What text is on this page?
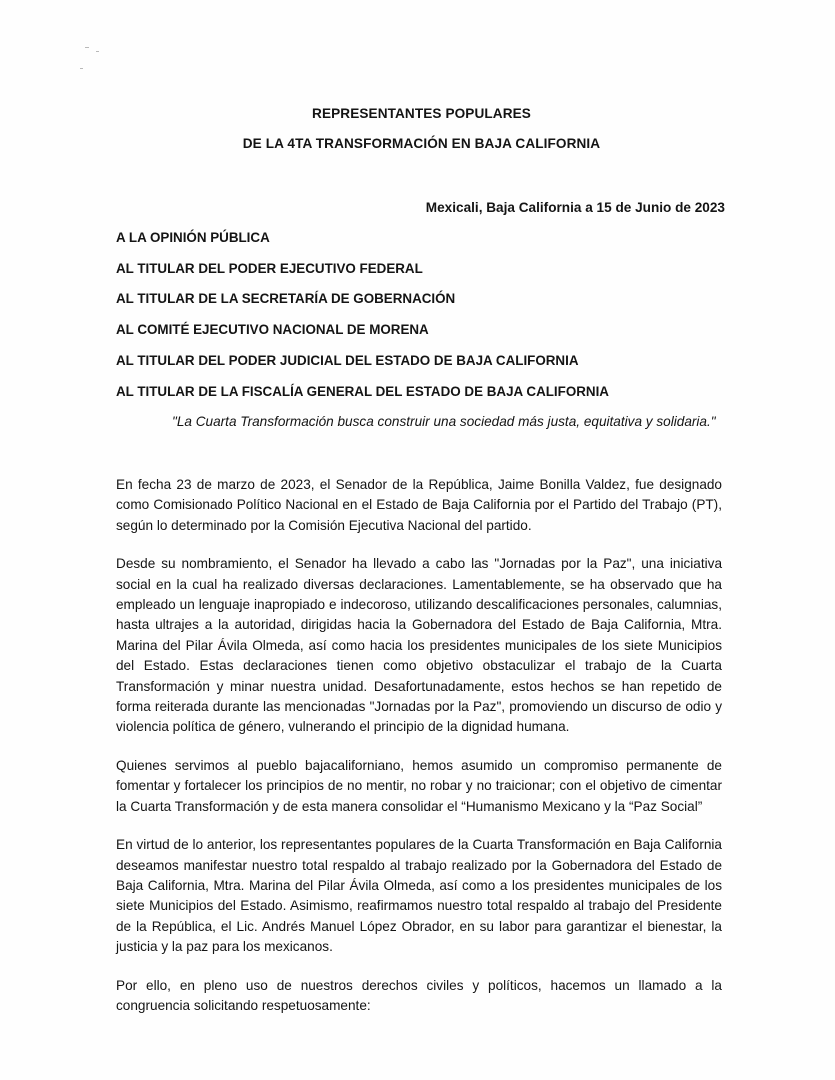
REPRESENTANTES POPULARES
DE LA 4TA TRANSFORMACIÓN EN BAJA CALIFORNIA
Mexicali, Baja California a 15 de Junio de 2023
A LA OPINIÓN PÚBLICA
AL TITULAR DEL PODER EJECUTIVO FEDERAL
AL TITULAR DE LA SECRETARÍA DE GOBERNACIÓN
AL COMITÉ EJECUTIVO NACIONAL DE MORENA
AL TITULAR DEL PODER JUDICIAL DEL ESTADO DE BAJA CALIFORNIA
AL TITULAR DE LA FISCALÍA GENERAL DEL ESTADO DE BAJA CALIFORNIA
"La Cuarta Transformación busca construir una sociedad más justa, equitativa y solidaria."

En fecha 23 de marzo de 2023, el Senador de la República, Jaime Bonilla Valdez, fue designado como Comisionado Político Nacional en el Estado de Baja California por el Partido del Trabajo (PT), según lo determinado por la Comisión Ejecutiva Nacional del partido.

Desde su nombramiento, el Senador ha llevado a cabo las "Jornadas por la Paz", una iniciativa social en la cual ha realizado diversas declaraciones. Lamentablemente, se ha observado que ha empleado un lenguaje inapropiado e indecoroso, utilizando descalificaciones personales, calumnias, hasta ultrajes a la autoridad, dirigidas hacia la Gobernadora del Estado de Baja California, Mtra. Marina del Pilar Ávila Olmeda, así como hacia los presidentes municipales de los siete Municipios del Estado. Estas declaraciones tienen como objetivo obstaculizar el trabajo de la Cuarta Transformación y minar nuestra unidad. Desafortunadamente, estos hechos se han repetido de forma reiterada durante las mencionadas "Jornadas por la Paz", promoviendo un discurso de odio y violencia política de género, vulnerando el principio de la dignidad humana.

Quienes servimos al pueblo bajacaliforniano, hemos asumido un compromiso permanente de fomentar y fortalecer los principios de no mentir, no robar y no traicionar; con el objetivo de cimentar la Cuarta Transformación y de esta manera consolidar el “Humanismo Mexicano y la “Paz Social”

En virtud de lo anterior, los representantes populares de la Cuarta Transformación en Baja California deseamos manifestar nuestro total respaldo al trabajo realizado por la Gobernadora del Estado de Baja California, Mtra. Marina del Pilar Ávila Olmeda, así como a los presidentes municipales de los siete Municipios del Estado. Asimismo, reafirmamos nuestro total respaldo al trabajo del Presidente de la República, el Lic. Andrés Manuel López Obrador, en su labor para garantizar el bienestar, la justicia y la paz para los mexicanos.

Por ello, en pleno uso de nuestros derechos civiles y políticos, hacemos un llamado a la congruencia solicitando respetuosamente:
